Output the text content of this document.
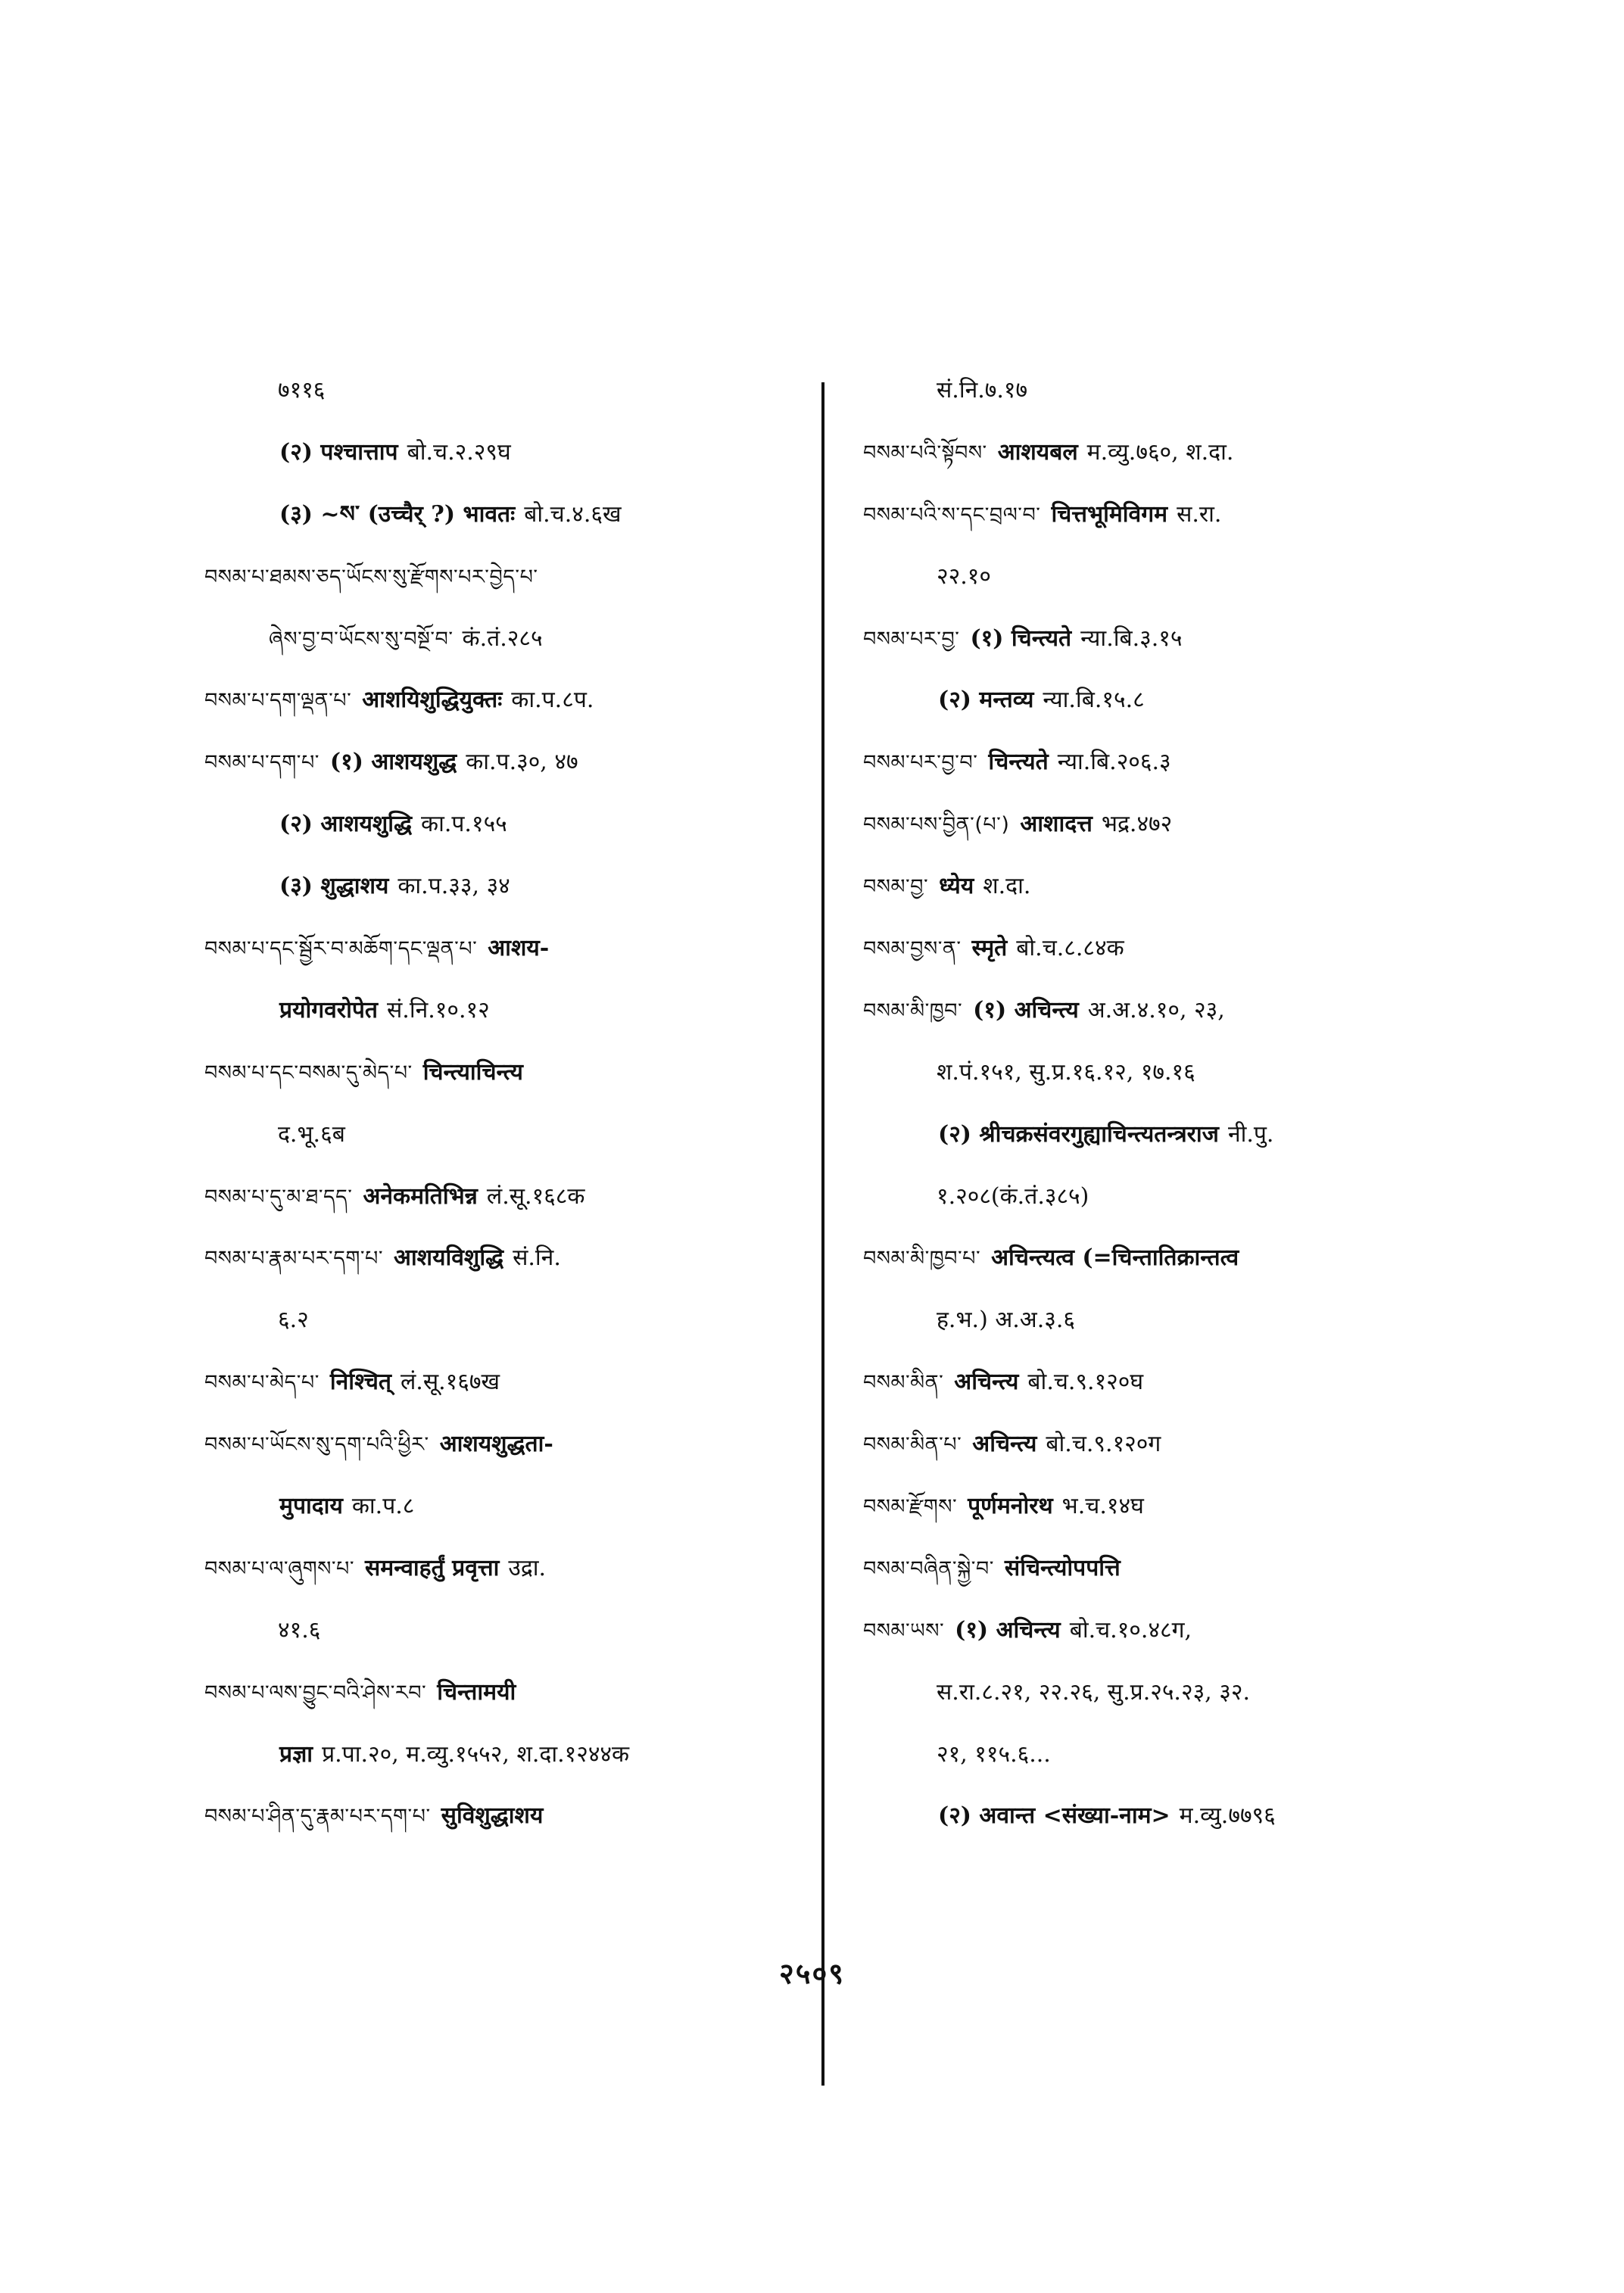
७११६
(२) पश्चात्ताप बो.च.२.२९घ
(३) ~ས་ (उच्चैर् ?) भावतः बो.च.४.६ख
བསམ་པ་ཐམས་ཅད་ཡོངས་སུ་རྫོགས་པར་བྱེད་པ་
ཞེས་བྱ་བ་ཡོངས་སུ་བསྔོ་བ་ कं.तं.२८५
བསམ་པ་དག་ལྡན་པ་ आशयिशुद्धियुक्तः का.प.८प.
བསམ་པ་དག་པ་ (१) आशयशुद्ध का.प.३०, ४७
(२) आशयशुद्धि का.प.१५५
(३) शुद्धाशय का.प.३३, ३४
བསམ་པ་དང་སྦྱོར་བ་མཆོག་དང་ལྡན་པ་ आशय-
प्रयोगवरोपेत सं.नि.१०.१२
བསམ་པ་དང་བསམ་དུ་མེད་པ་ चिन्त्याचिन्त्य
द.भू.६ब
བསམ་པ་དུ་མ་ཐ་དད་ अनेकमतिभिन्न लं.सू.१६८क
བསམ་པ་རྣམ་པར་དག་པ་ आशयविशुद्धि सं.नि.
६.२
བསམ་པ་མེད་པ་ निश्चित् लं.सू.१६७ख
བསམ་པ་ཡོངས་སུ་དག་པའི་ཕྱིར་ आशयशुद्धता-
मुपादाय का.प.८
བསམ་པ་ལ་ཞུགས་པ་ समन्वाहर्तुं प्रवृत्ता उद्रा.
४१.६
བསམ་པ་ལས་བྱུང་བའི་ཤེས་རབ་ चिन्तामयी
प्रज्ञा प्र.पा.२०, म.व्यु.१५५२, श.दा.१२४४क
བསམ་པ་ཤིན་དུ་རྣམ་པར་དག་པ་ सुविशुद्धाशय
सं.नि.७.१७
བསམ་པའི་སྟོབས་ आशयबल म.व्यु.७६०, श.दा.
བསམ་པའི་ས་དང་བྲལ་བ་ चित्तभूमिविगम स.रा.
२२.१०
བསམ་པར་བྱ་ (१) चिन्त्यते न्या.बि.३.१५
(२) मन्तव्य न्या.बि.१५.८
བསམ་པར་བྱ་བ་ चिन्त्यते न्या.बि.२०६.३
བསམ་པས་བྱིན་(པ་) आशादत्त भद्र.४७२
བསམ་བྱ་ ध्येय श.दा.
བསམ་བྱས་ན་ स्मृते बो.च.८.८४क
བསམ་མི་ཁྱབ་ (१) अचिन्त्य अ.अ.४.१०, २३,
श.पं.१५१, सु.प्र.१६.१२, १७.१६
(२) श्रीचक्रसंवरगुह्याचिन्त्यतन्त्रराज नी.पु.
१.२०८(कं.तं.३८५)
བསམ་མི་ཁྱབ་པ་ अचिन्त्यत्व (=चिन्तातिक्रान्तत्व
ह.भ.) अ.अ.३.६
བསམ་མིན་ अचिन्त्य बो.च.९.१२०घ
བསམ་མིན་པ་ अचिन्त्य बो.च.९.१२०ग
བསམ་རྫོགས་ पूर्णमनोरथ भ.च.१४घ
བསམ་བཞིན་སྐྱེ་བ་ संचिन्त्योपपत्ति
བསམ་ཡས་ (१) अचिन्त्य बो.च.१०.४८ग,
स.रा.८.२१, २२.२६, सु.प्र.२५.२३, ३२.
२१, ११५.६...
(२) अवान्त <संख्या-नाम> म.व्यु.७७९६
२५०९
